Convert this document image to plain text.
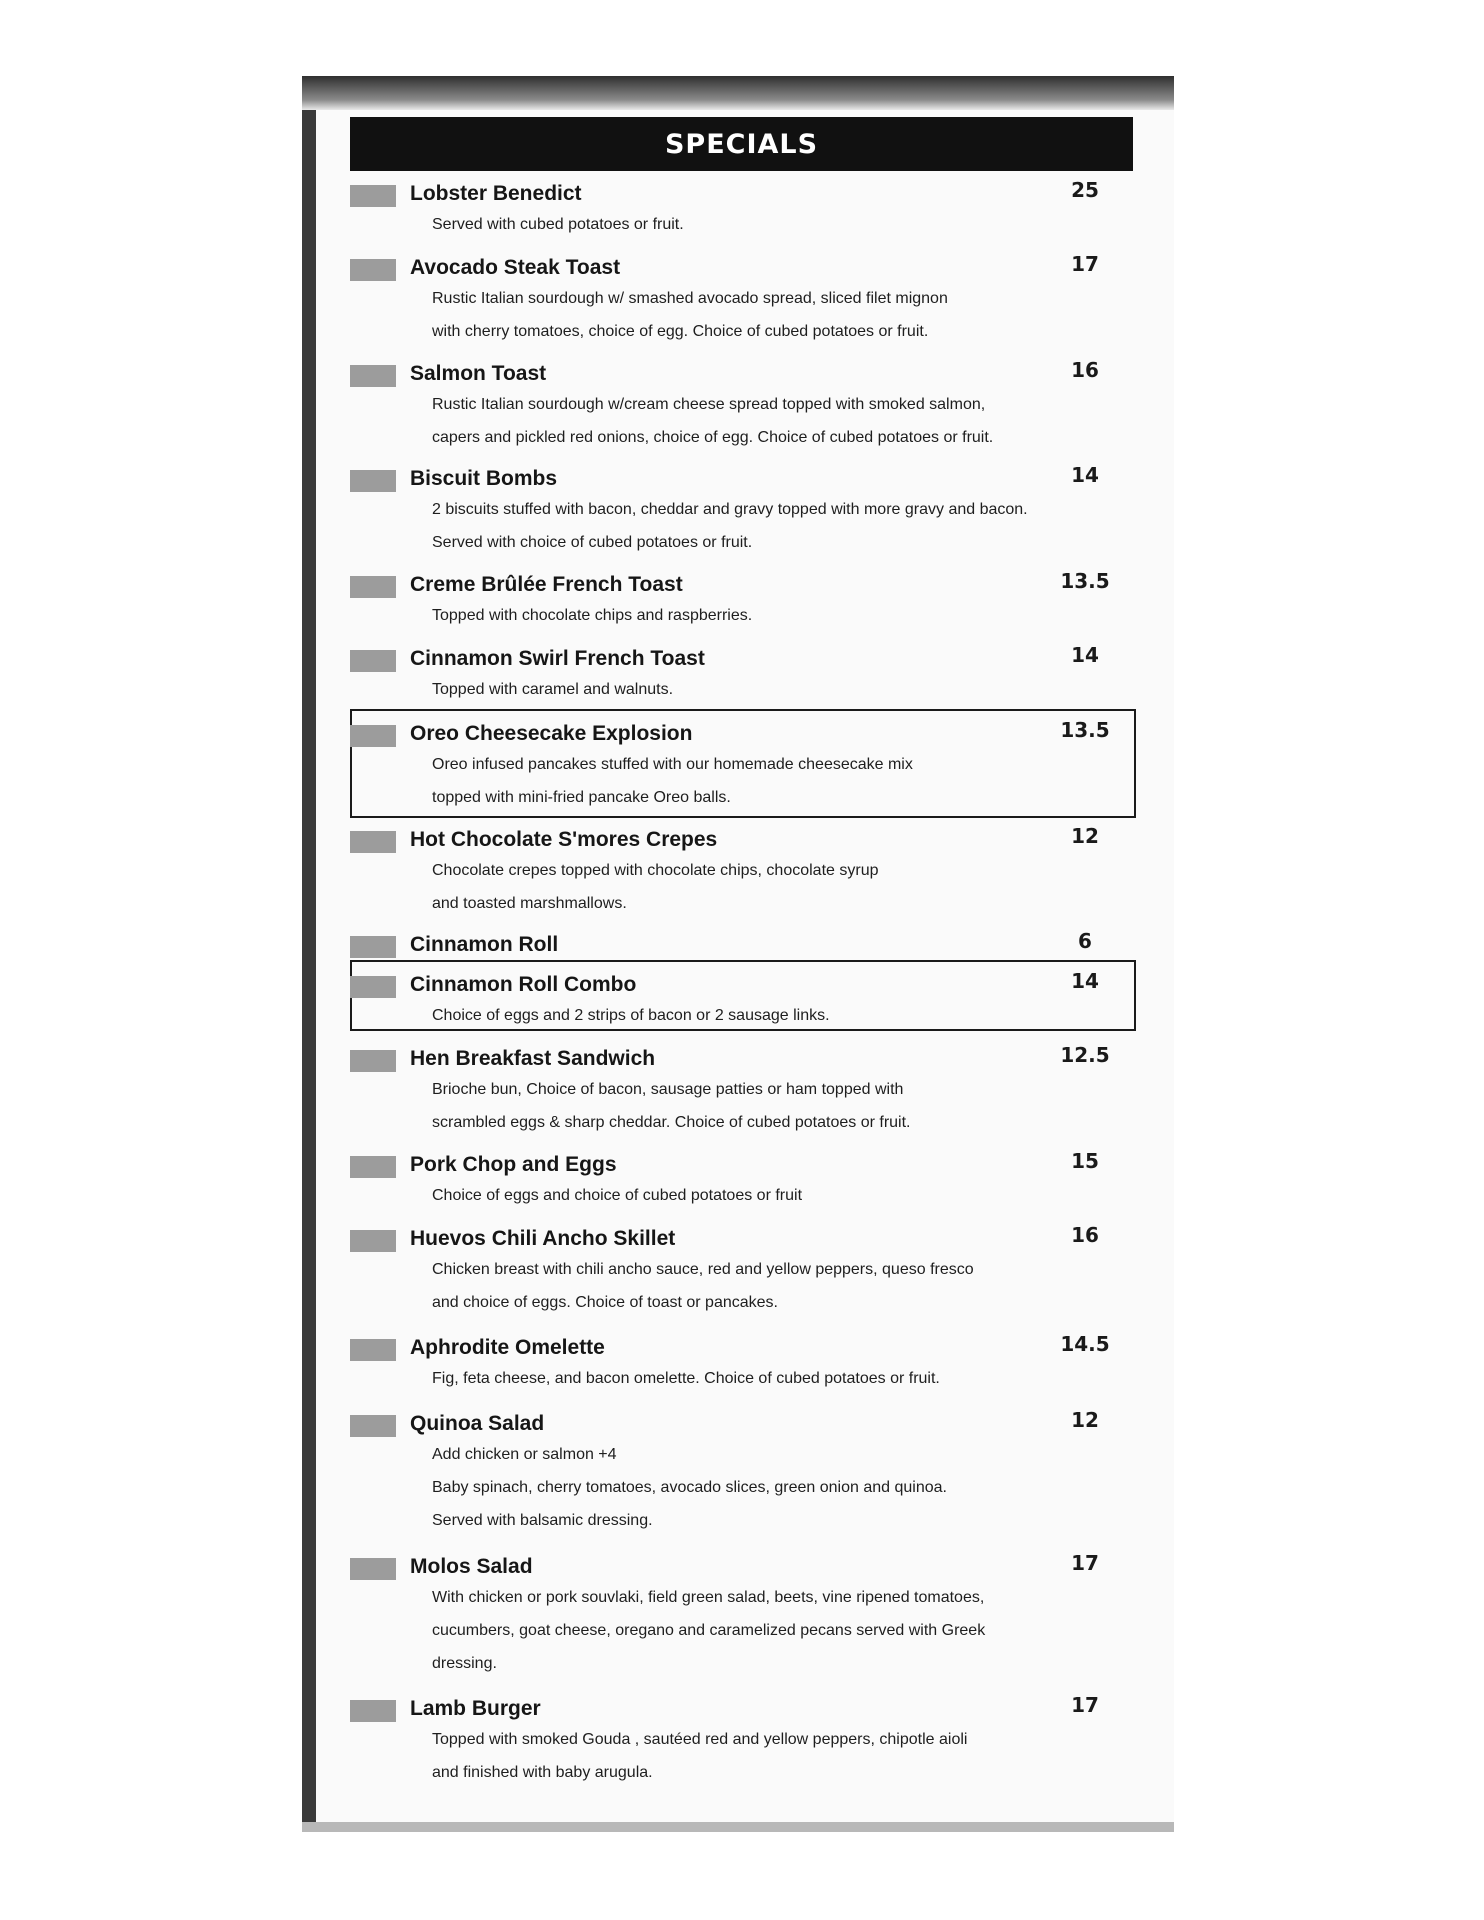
SPECIALS
Lobster Benedict
Served with cubed potatoes or fruit.
25
Avocado Steak Toast
Rustic Italian sourdough w/ smashed avocado spread, sliced filet mignon
with cherry tomatoes, choice of egg. Choice of cubed potatoes or fruit.
17
Salmon Toast
Rustic Italian sourdough w/cream cheese spread topped with smoked salmon,
capers and pickled red onions, choice of egg. Choice of cubed potatoes or fruit.
16
Biscuit Bombs
2 biscuits stuffed with bacon, cheddar and gravy topped with more gravy and bacon.
Served with choice of cubed potatoes or fruit.
14
Creme Brûlée French Toast
Topped with chocolate chips and raspberries.
13.5
Cinnamon Swirl French Toast
Topped with caramel and walnuts.
14
Oreo Cheesecake Explosion
Oreo infused pancakes stuffed with our homemade cheesecake mix
topped with mini-fried pancake Oreo balls.
13.5
Hot Chocolate S'mores Crepes
Chocolate crepes topped with chocolate chips, chocolate syrup
and toasted marshmallows.
12
Cinnamon Roll	6
Cinnamon Roll Combo
Choice of eggs and 2 strips of bacon or 2 sausage links.
14
Hen Breakfast Sandwich
Brioche bun, Choice of bacon, sausage patties or ham topped with
scrambled eggs & sharp cheddar. Choice of cubed potatoes or fruit.
12.5
Pork Chop and Eggs
Choice of eggs and choice of cubed potatoes or fruit
15
Huevos Chili Ancho Skillet
Chicken breast with chili ancho sauce, red and yellow peppers, queso fresco
and choice of eggs. Choice of toast or pancakes.
16
Aphrodite Omelette
Fig, feta cheese, and bacon omelette. Choice of cubed potatoes or fruit.
14.5
Quinoa Salad
Add chicken or salmon +4
Baby spinach, cherry tomatoes, avocado slices, green onion and quinoa.
Served with balsamic dressing.
12
Molos Salad
With chicken or pork souvlaki, field green salad, beets, vine ripened tomatoes,
cucumbers, goat cheese, oregano and caramelized pecans served with Greek
dressing.
17
Lamb Burger
Topped with smoked Gouda , sautéed red and yellow peppers, chipotle aioli
and finished with baby arugula.
17
